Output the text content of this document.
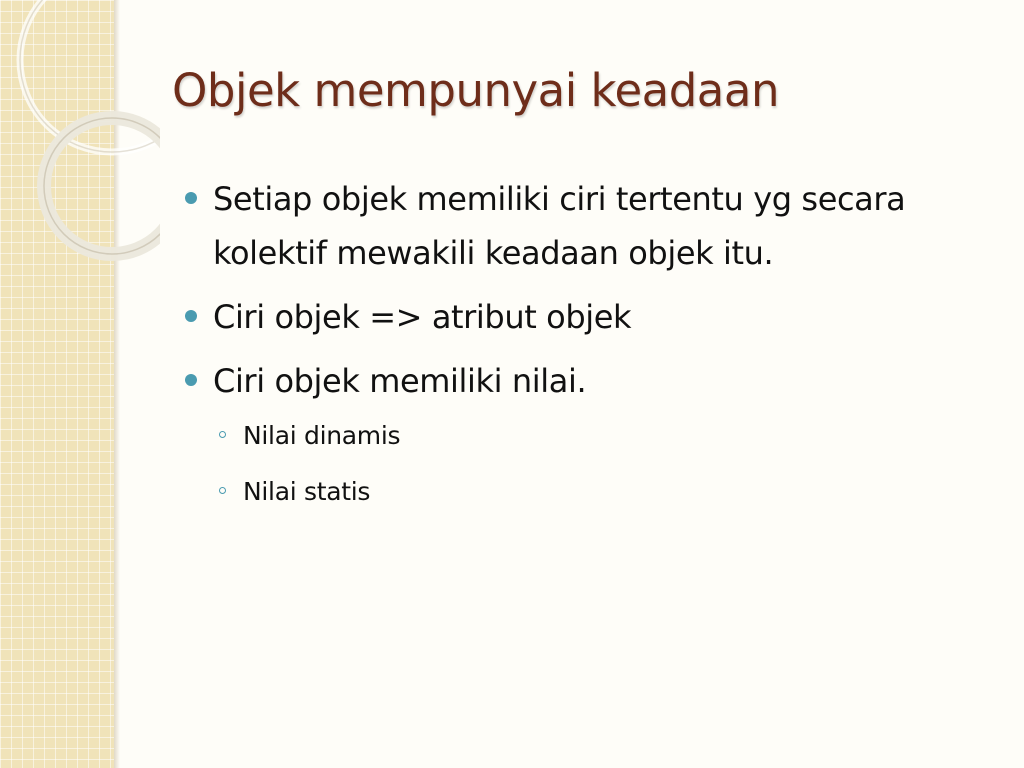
Objek mempunyai keadaan
Setiap objek memiliki ciri tertentu yg secara kolektif mewakili keadaan objek itu.
Ciri objek => atribut objek
Ciri objek memiliki nilai.
Nilai dinamis
Nilai statis
